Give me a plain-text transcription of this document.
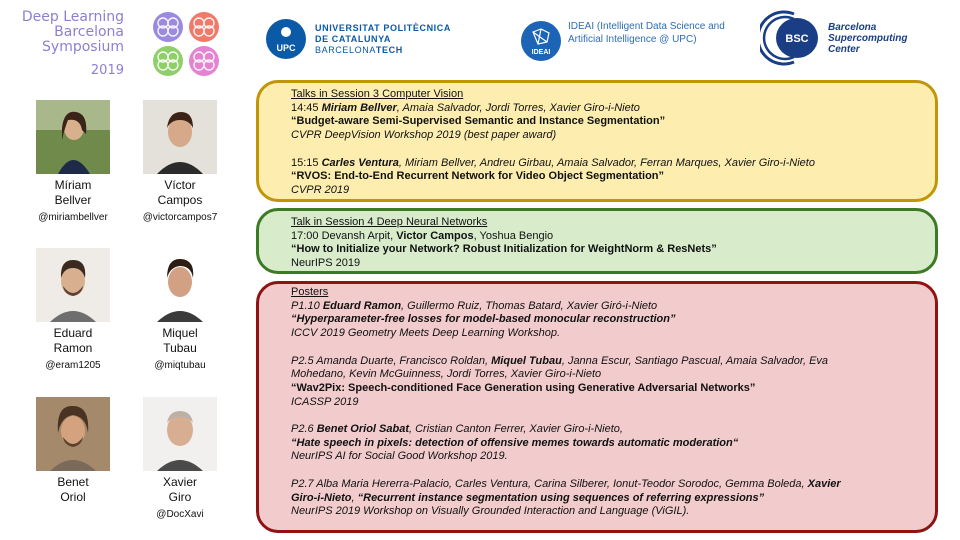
Deep Learning
Barcelona
Symposium
2019
UPC
UNIVERSITAT POLITÈCNICA
DE CATALUNYA
BARCELONATECH	IDEAI
IDEAI (Intelligent Data Science and Artificial Intelligence @ UPC)	BSC
Barcelona
Supercomputing
Center
Míriam
Bellver
@miriambellver
Víctor
Campos
@victorcampos7
Eduard
Ramon
@eram1205
Miquel
Tubau
@miqtubau
Benet
Oriol
Xavier
Giro
@DocXavi
Talks in Session 3 Computer Vision
14:45 Miriam Bellver, Amaia Salvador, Jordi Torres, Xavier Giro-i-Nieto
“Budget-aware Semi-Supervised Semantic and Instance Segmentation”
CVPR DeepVision Workshop 2019 (best paper award)
15:15 Carles Ventura, Miriam Bellver, Andreu Girbau, Amaia Salvador, Ferran Marques, Xavier Giro-i-Nieto
“RVOS: End-to-End Recurrent Network for Video Object Segmentation”
CVPR 2019
Talk in Session 4 Deep Neural Networks
17:00 Devansh Arpit, Victor Campos, Yoshua Bengio
“How to Initialize your Network? Robust Initialization for WeightNorm & ResNets”
NeurIPS 2019
Posters
P1.10 Eduard Ramon, Guillermo Ruiz, Thomas Batard, Xavier Giró-i-Nieto
“Hyperparameter-free losses for model-based monocular reconstruction”
ICCV 2019 Geometry Meets Deep Learning Workshop.
P2.5 Amanda Duarte, Francisco Roldan, Miquel Tubau, Janna Escur, Santiago Pascual, Amaia Salvador, Eva
Mohedano, Kevin McGuinness, Jordi Torres, Xavier Giro-i-Nieto
“Wav2Pix: Speech-conditioned Face Generation using Generative Adversarial Networks”
ICASSP 2019
P2.6 Benet Oriol Sabat, Cristian Canton Ferrer, Xavier Giro-i-Nieto,
“Hate speech in pixels: detection of offensive memes towards automatic moderation“
NeurIPS AI for Social Good Workshop 2019.
P2.7 Alba Maria Hererra-Palacio, Carles Ventura, Carina Silberer, Ionut-Teodor Sorodoc, Gemma Boleda, Xavier
Giro-i-Nieto, “Recurrent instance segmentation using sequences of referring expressions”
NeurIPS 2019 Workshop on Visually Grounded Interaction and Language (ViGIL).
